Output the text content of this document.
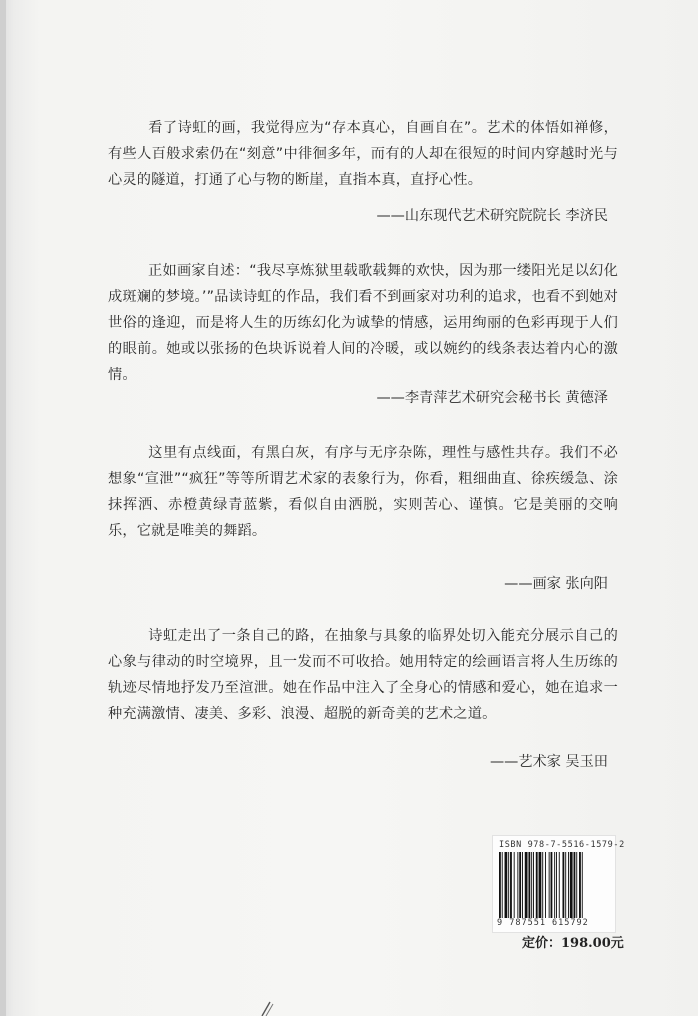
看了诗虹的画，我觉得应为“存本真心，自画自在”。艺术的体悟如禅修，有些人百般求索仍在“刻意”中徘徊多年，而有的人却在很短的时间内穿越时光与心灵的隧道，打通了心与物的断崖，直指本真，直抒心性。

——山东现代艺术研究院院长 李济民

正如画家自述：“我尽享炼狱里载歌载舞的欢快，因为那一缕阳光足以幻化成斑斓的梦境。’”品读诗虹的作品，我们看不到画家对功利的追求，也看不到她对世俗的逢迎，而是将人生的历练幻化为诚挚的情感，运用绚丽的色彩再现于人们的眼前。她或以张扬的色块诉说着人间的冷暖，或以婉约的线条表达着内心的激情。

——李青萍艺术研究会秘书长 黄德泽

这里有点线面，有黑白灰，有序与无序杂陈，理性与感性共存。我们不必想象“宣泄”“疯狂”等等所谓艺术家的表象行为，你看，粗细曲直、徐疾缓急、涂抹挥洒、赤橙黄绿青蓝紫，看似自由洒脱，实则苦心、谨慎。它是美丽的交响乐，它就是唯美的舞蹈。

——画家 张向阳

诗虹走出了一条自己的路，在抽象与具象的临界处切入能充分展示自己的心象与律动的时空境界，且一发而不可收拾。她用特定的绘画语言将人生历练的轨迹尽情地抒发乃至渲泄。她在作品中注入了全身心的情感和爱心，她在追求一种充满激情、凄美、多彩、浪漫、超脱的新奇美的艺术之道。

——艺术家 吴玉田
ISBN 978-7-5516-1579-2
9 787551 615792
定价：198.00元
